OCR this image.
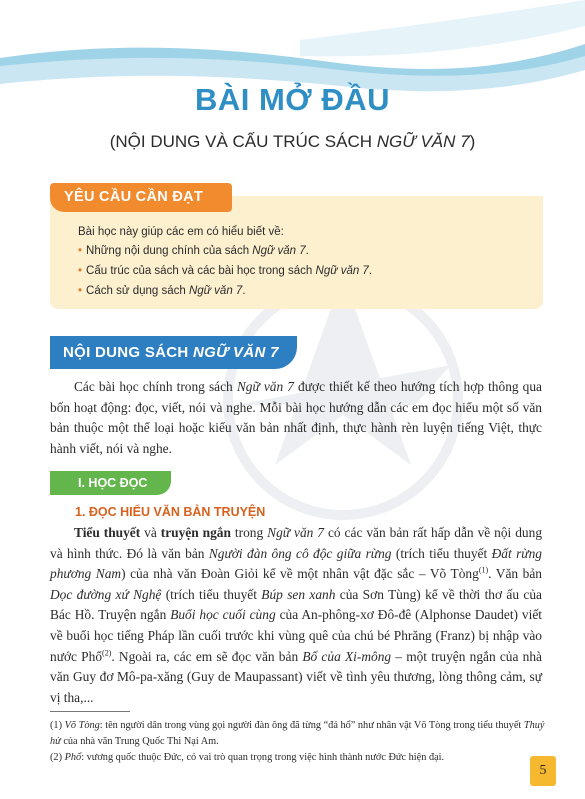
BÀI MỞ ĐẦU
(NỘI DUNG VÀ CẤU TRÚC SÁCH NGỮ VĂN 7)
YÊU CẦU CẦN ĐẠT
Bài học này giúp các em có hiểu biết về:
• Những nội dung chính của sách Ngữ văn 7.
• Cấu trúc của sách và các bài học trong sách Ngữ văn 7.
• Cách sử dụng sách Ngữ văn 7.
NỘI DUNG SÁCH NGỮ VĂN 7

Các bài học chính trong sách Ngữ văn 7 được thiết kế theo hướng tích hợp thông qua bốn hoạt động: đọc, viết, nói và nghe. Mỗi bài học hướng dẫn các em đọc hiểu một số văn bản thuộc một thể loại hoặc kiểu văn bản nhất định, thực hành rèn luyện tiếng Việt, thực hành viết, nói và nghe.

I. HỌC ĐỌC
1. ĐỌC HIỂU VĂN BẢN TRUYỆN

Tiểu thuyết và truyện ngắn trong Ngữ văn 7 có các văn bản rất hấp dẫn về nội dung và hình thức. Đó là văn bản Người đàn ông cô độc giữa rừng (trích tiểu thuyết Đất rừng phương Nam) của nhà văn Đoàn Giỏi kể về một nhân vật đặc sắc – Võ Tòng$^{(1)}$. Văn bản Dọc đường xứ Nghệ (trích tiểu thuyết Búp sen xanh của Sơn Tùng) kể về thời thơ ấu của Bác Hồ. Truyện ngắn Buổi học cuối cùng của An-phông-xơ Đô-đê (Alphonse Daudet) viết về buổi học tiếng Pháp lần cuối trước khi vùng quê của chú bé Phrăng (Franz) bị nhập vào nước Phổ$^{(2)}$. Ngoài ra, các em sẽ đọc văn bản Bố của Xi-mông – một truyện ngắn của nhà văn Guy đơ Mô-pa-xăng (Guy de Maupassant) viết về tình yêu thương, lòng thông cảm, sự vị tha,...

(1) Võ Tòng: tên người dân trong vùng gọi người đàn ông đã từng “đả hổ” như nhân vật Võ Tòng trong tiểu thuyết Thuỷ hử của nhà văn Trung Quốc Thi Nại Am.

(2) Phổ: vương quốc thuộc Đức, có vai trò quan trọng trong việc hình thành nước Đức hiện đại.

5
